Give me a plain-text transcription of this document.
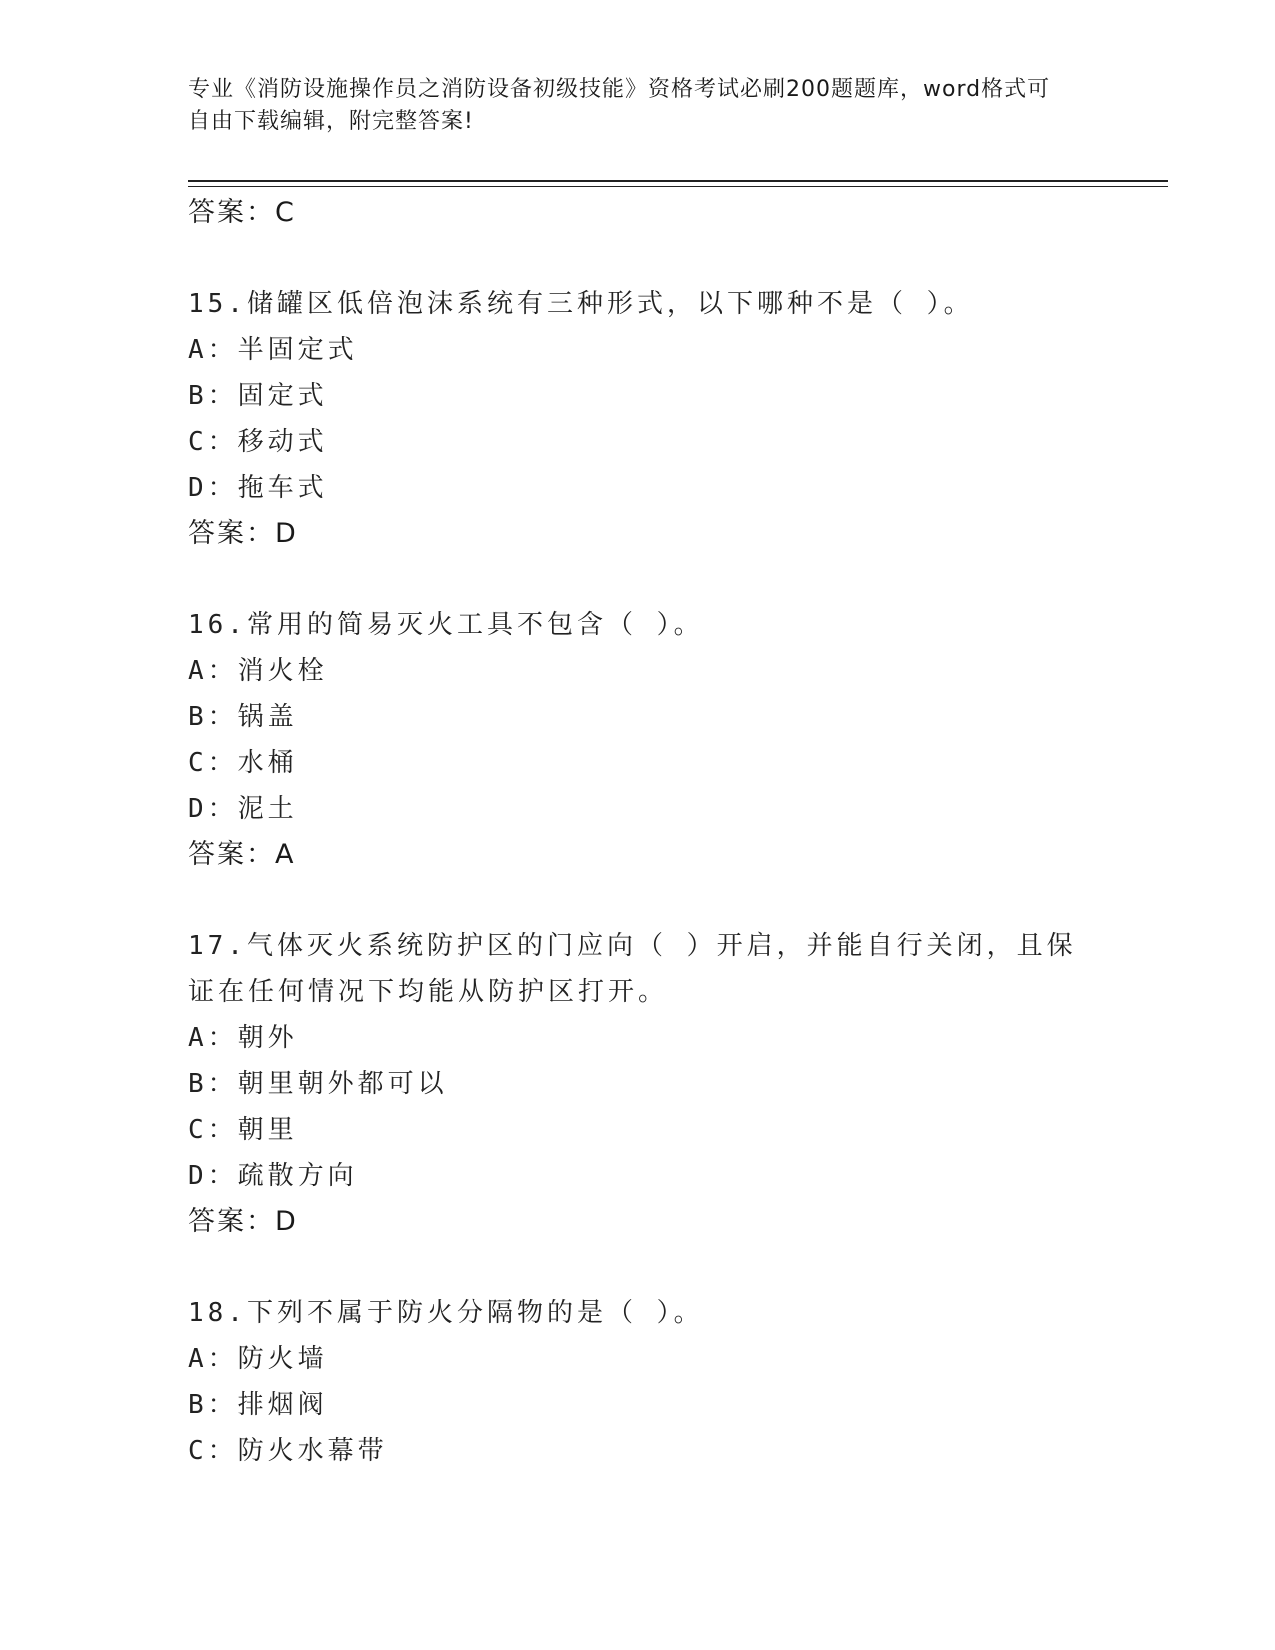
专业《消防设施操作员之消防设备初级技能》资格考试必刷200题题库，word格式可自由下载编辑，附完整答案!

答案：C

15.储罐区低倍泡沫系统有三种形式，以下哪种不是（ ）。

A：半固定式

B：固定式

C：移动式

D：拖车式

答案：D

16.常用的简易灭火工具不包含（ ）。

A：消火栓

B：锅盖

C：水桶

D：泥土

答案：A

17.气体灭火系统防护区的门应向（ ）开启，并能自行关闭，且保证在任何情况下均能从防护区打开。

A：朝外

B：朝里朝外都可以

C：朝里

D：疏散方向

答案：D

18.下列不属于防火分隔物的是（ ）。

A：防火墙

B：排烟阀

C：防火水幕带
